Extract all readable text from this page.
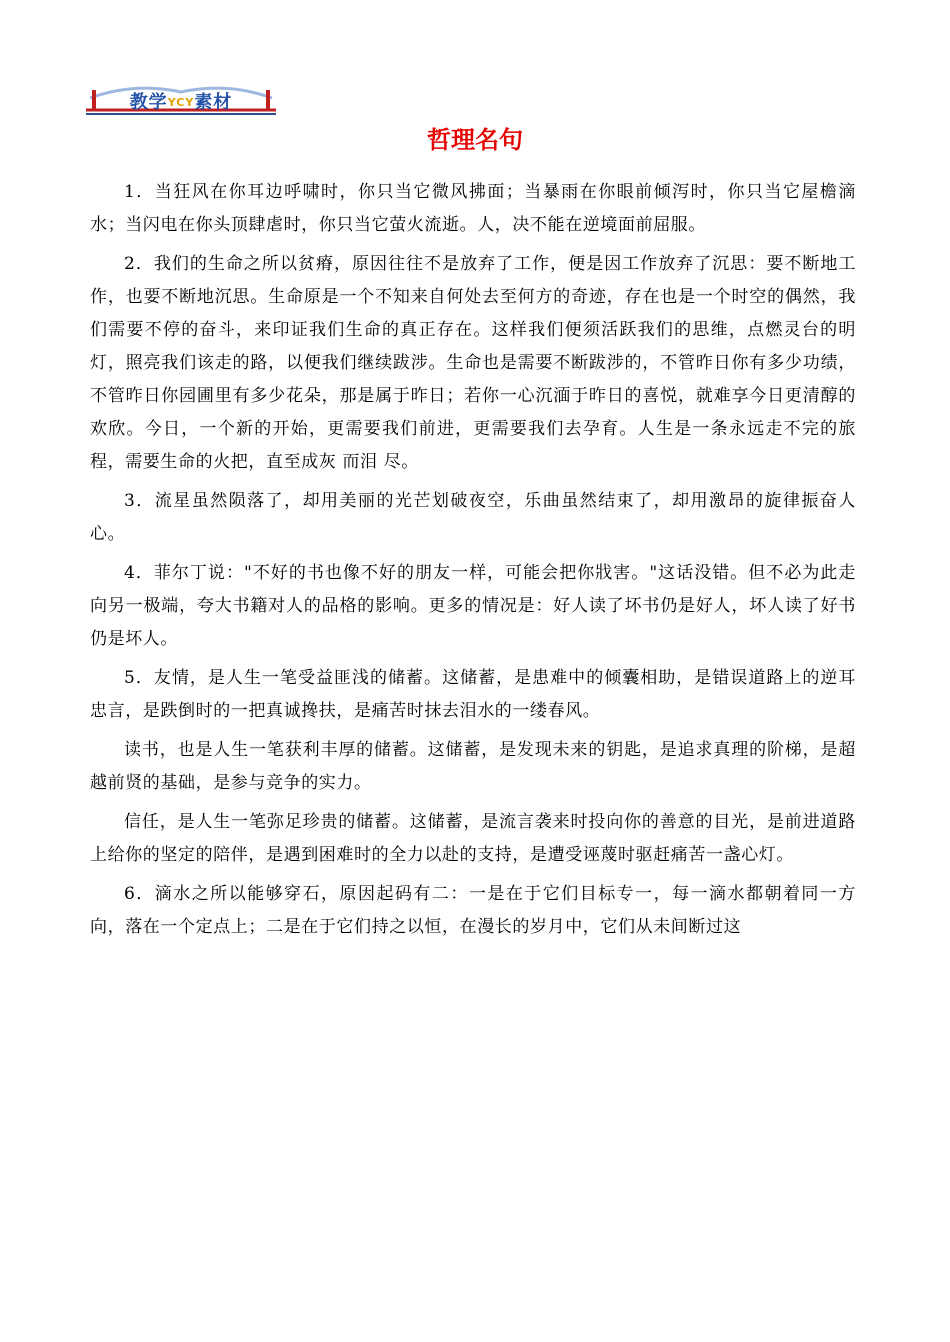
教学YCY素材
哲理名句

1．当狂风在你耳边呼啸时，你只当它微风拂面；当暴雨在你眼前倾泻时，你只当它屋檐滴水；当闪电在你头顶肆虐时，你只当它萤火流逝。人，决不能在逆境面前屈服。

2．我们的生命之所以贫瘠，原因往往不是放弃了工作，便是因工作放弃了沉思：要不断地工作，也要不断地沉思。生命原是一个不知来自何处去至何方的奇迹，存在也是一个时空的偶然，我们需要不停的奋斗，来印证我们生命的真正存在。这样我们便须活跃我们的思维，点燃灵台的明灯，照亮我们该走的路，以便我们继续跋涉。生命也是需要不断跋涉的，不管昨日你有多少功绩，不管昨日你园圃里有多少花朵，那是属于昨日；若你一心沉湎于昨日的喜悦，就难享今日更清醇的欢欣。今日，一个新的开始，更需要我们前进，更需要我们去孕育。人生是一条永远走不完的旅程，需要生命的火把，直至成灰 而泪 尽。

3．流星虽然陨落了，却用美丽的光芒划破夜空，乐曲虽然结束了，却用激昂的旋律振奋人心。

4．菲尔丁说："不好的书也像不好的朋友一样，可能会把你戕害。"这话没错。但不必为此走向另一极端，夸大书籍对人的品格的影响。更多的情况是：好人读了坏书仍是好人，坏人读了好书仍是坏人。

5．友情，是人生一笔受益匪浅的储蓄。这储蓄，是患难中的倾囊相助，是错误道路上的逆耳忠言，是跌倒时的一把真诚搀扶，是痛苦时抹去泪水的一缕春风。

读书，也是人生一笔获利丰厚的储蓄。这储蓄，是发现未来的钥匙，是追求真理的阶梯，是超越前贤的基础，是参与竞争的实力。

信任，是人生一笔弥足珍贵的储蓄。这储蓄，是流言袭来时投向你的善意的目光，是前进道路上给你的坚定的陪伴，是遇到困难时的全力以赴的支持，是遭受诬蔑时驱赶痛苦一盏心灯。

6．滴水之所以能够穿石，原因起码有二：一是在于它们目标专一，每一滴水都朝着同一方向，落在一个定点上；二是在于它们持之以恒，在漫长的岁月中，它们从未间断过这
